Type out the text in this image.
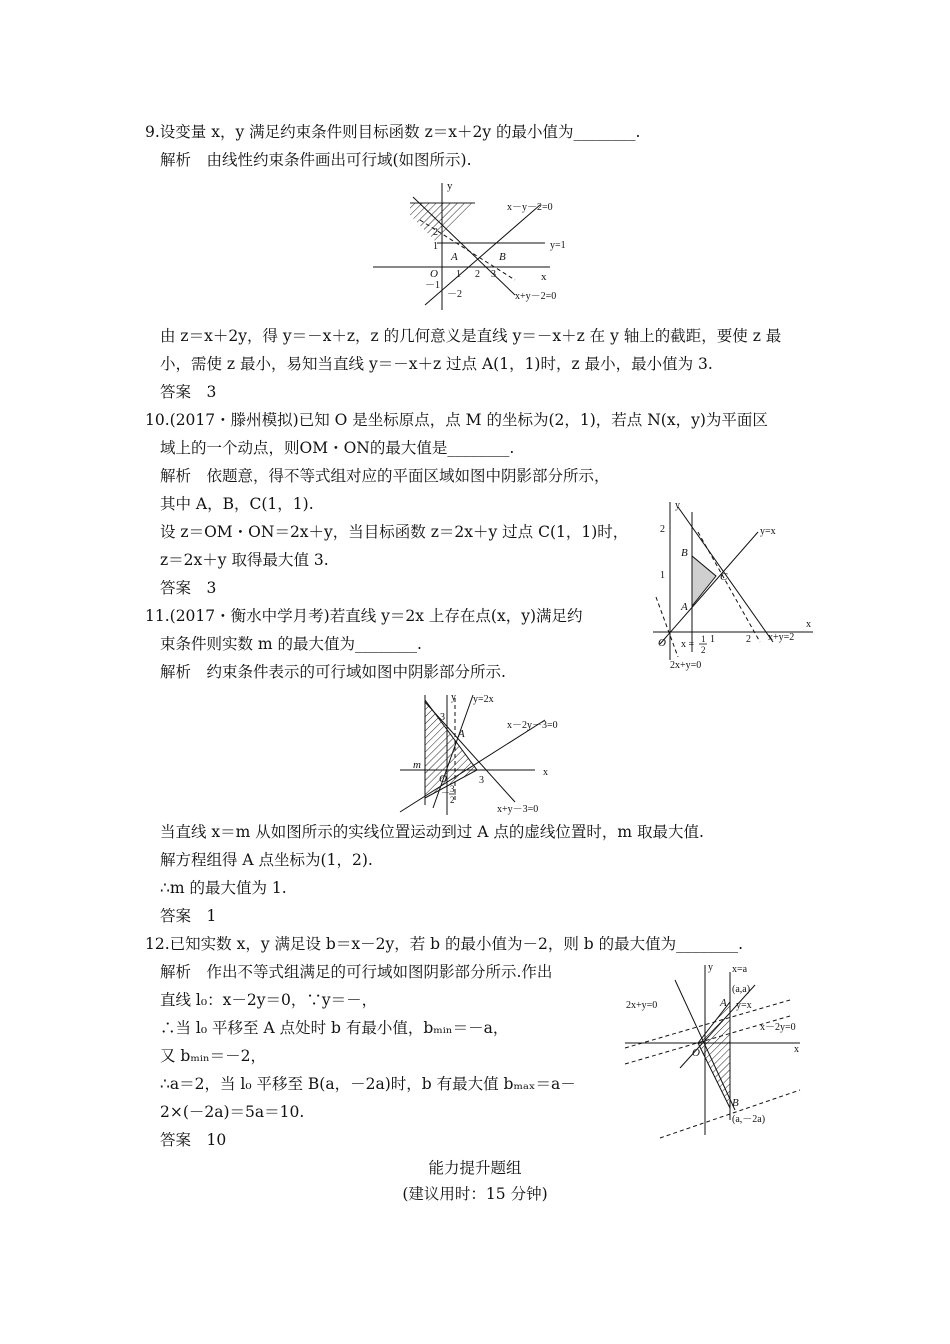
9.设变量 x，y 满足约束条件则目标函数 z＝x＋2y 的最小值为________.
解析　由线性约束条件画出可行域(如图所示).
y
x
x－y－2=0
y=1
x+y－2=0
A	B
O 1 2 3
1
2
－1
－2
由 z＝x＋2y，得 y＝－x＋z，z 的几何意义是直线 y＝－x＋z 在 y 轴上的截距，要使 z 最
小，需使 z 最小，易知当直线 y＝－x＋z 过点 A(1，1)时，z 最小，最小值为 3.
答案　3
10.(2017・滕州模拟)已知 O 是坐标原点，点 M 的坐标为(2，1)，若点 N(x，y)为平面区
域上的一个动点，则OM・ON的最大值是________.
解析　依题意，得不等式组对应的平面区域如图中阴影部分所示，
其中 A，B，C(1，1).
设 z＝OM・ON＝2x＋y，当目标函数 z＝2x＋y 过点 C(1，1)时，
z＝2x＋y 取得最大值 3.
答案　3
y
x
y=x
B
C
A
O	1	2
1
2
x = 1
2
x+y=2
2x+y=0
11.(2017・衡水中学月考)若直线 y＝2x 上存在点(x，y)满足约
束条件则实数 m 的最大值为________.
解析　约束条件表示的可行域如图中阴影部分所示.
y
x
y=2x
x－2y－3=0
x+y－3=0
A
O
m
3
3
－ 3
2
当直线 x＝m 从如图所示的实线位置运动到过 A 点的虚线位置时，m 取最大值.
解方程组得 A 点坐标为(1，2).
∴m 的最大值为 1.
答案　1
12.已知实数 x，y 满足设 b＝x－2y，若 b 的最小值为－2，则 b 的最大值为________.
解析　作出不等式组满足的可行域如图阴影部分所示.作出
直线 l₀：x－2y＝0，∵y＝－，
∴当 l₀ 平移至 A 点处时 b 有最小值，bₘᵢₙ＝－a，
又 bₘᵢₙ＝－2，
∴a＝2，当 l₀ 平移至 B(a，－2a)时，b 有最大值 bₘₐₓ＝a－
2×(－2a)＝5a＝10.
答案　10
y
x
x=a
(a,a)
y=x
2x+y=0
x－2y=0
A
B
O
(a,－2a)
能力提升题组
(建议用时：15 分钟)
